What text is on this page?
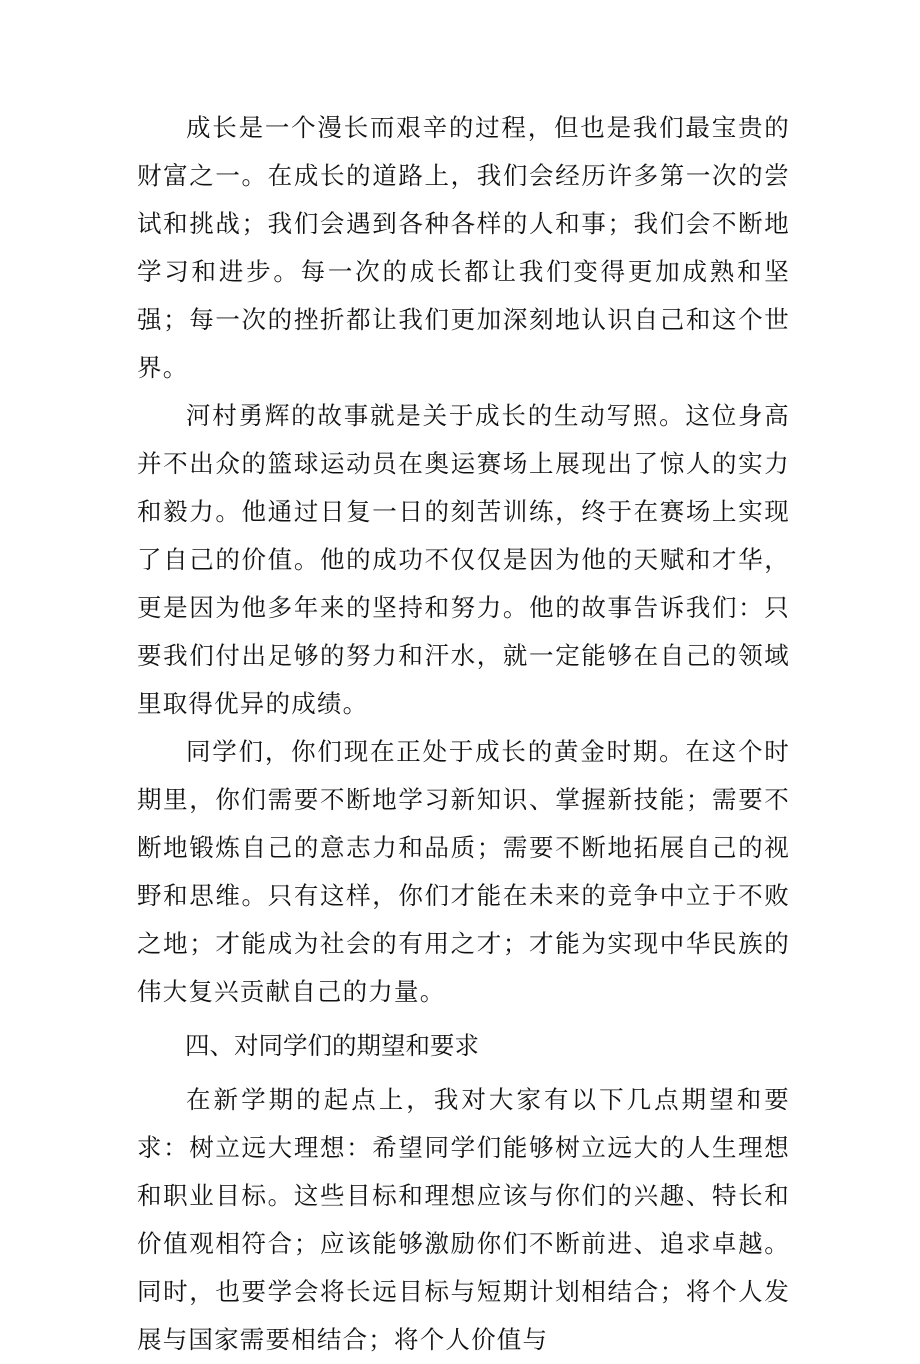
成长是一个漫长而艰辛的过程，但也是我们最宝贵的财富之一。在成长的道路上，我们会经历许多第一次的尝试和挑战；我们会遇到各种各样的人和事；我们会不断地学习和进步。每一次的成长都让我们变得更加成熟和坚强；每一次的挫折都让我们更加深刻地认识自己和这个世界。

河村勇辉的故事就是关于成长的生动写照。这位身高并不出众的篮球运动员在奥运赛场上展现出了惊人的实力和毅力。他通过日复一日的刻苦训练，终于在赛场上实现了自己的价值。他的成功不仅仅是因为他的天赋和才华，更是因为他多年来的坚持和努力。他的故事告诉我们：只要我们付出足够的努力和汗水，就一定能够在自己的领域里取得优异的成绩。

同学们，你们现在正处于成长的黄金时期。在这个时期里，你们需要不断地学习新知识、掌握新技能；需要不断地锻炼自己的意志力和品质；需要不断地拓展自己的视野和思维。只有这样，你们才能在未来的竞争中立于不败之地；才能成为社会的有用之才；才能为实现中华民族的伟大复兴贡献自己的力量。

四、对同学们的期望和要求

在新学期的起点上，我对大家有以下几点期望和要求：树立远大理想：希望同学们能够树立远大的人生理想和职业目标。这些目标和理想应该与你们的兴趣、特长和价值观相符合；应该能够激励你们不断前进、追求卓越。同时，也要学会将长远目标与短期计划相结合；将个人发展与国家需要相结合；将个人价值与
